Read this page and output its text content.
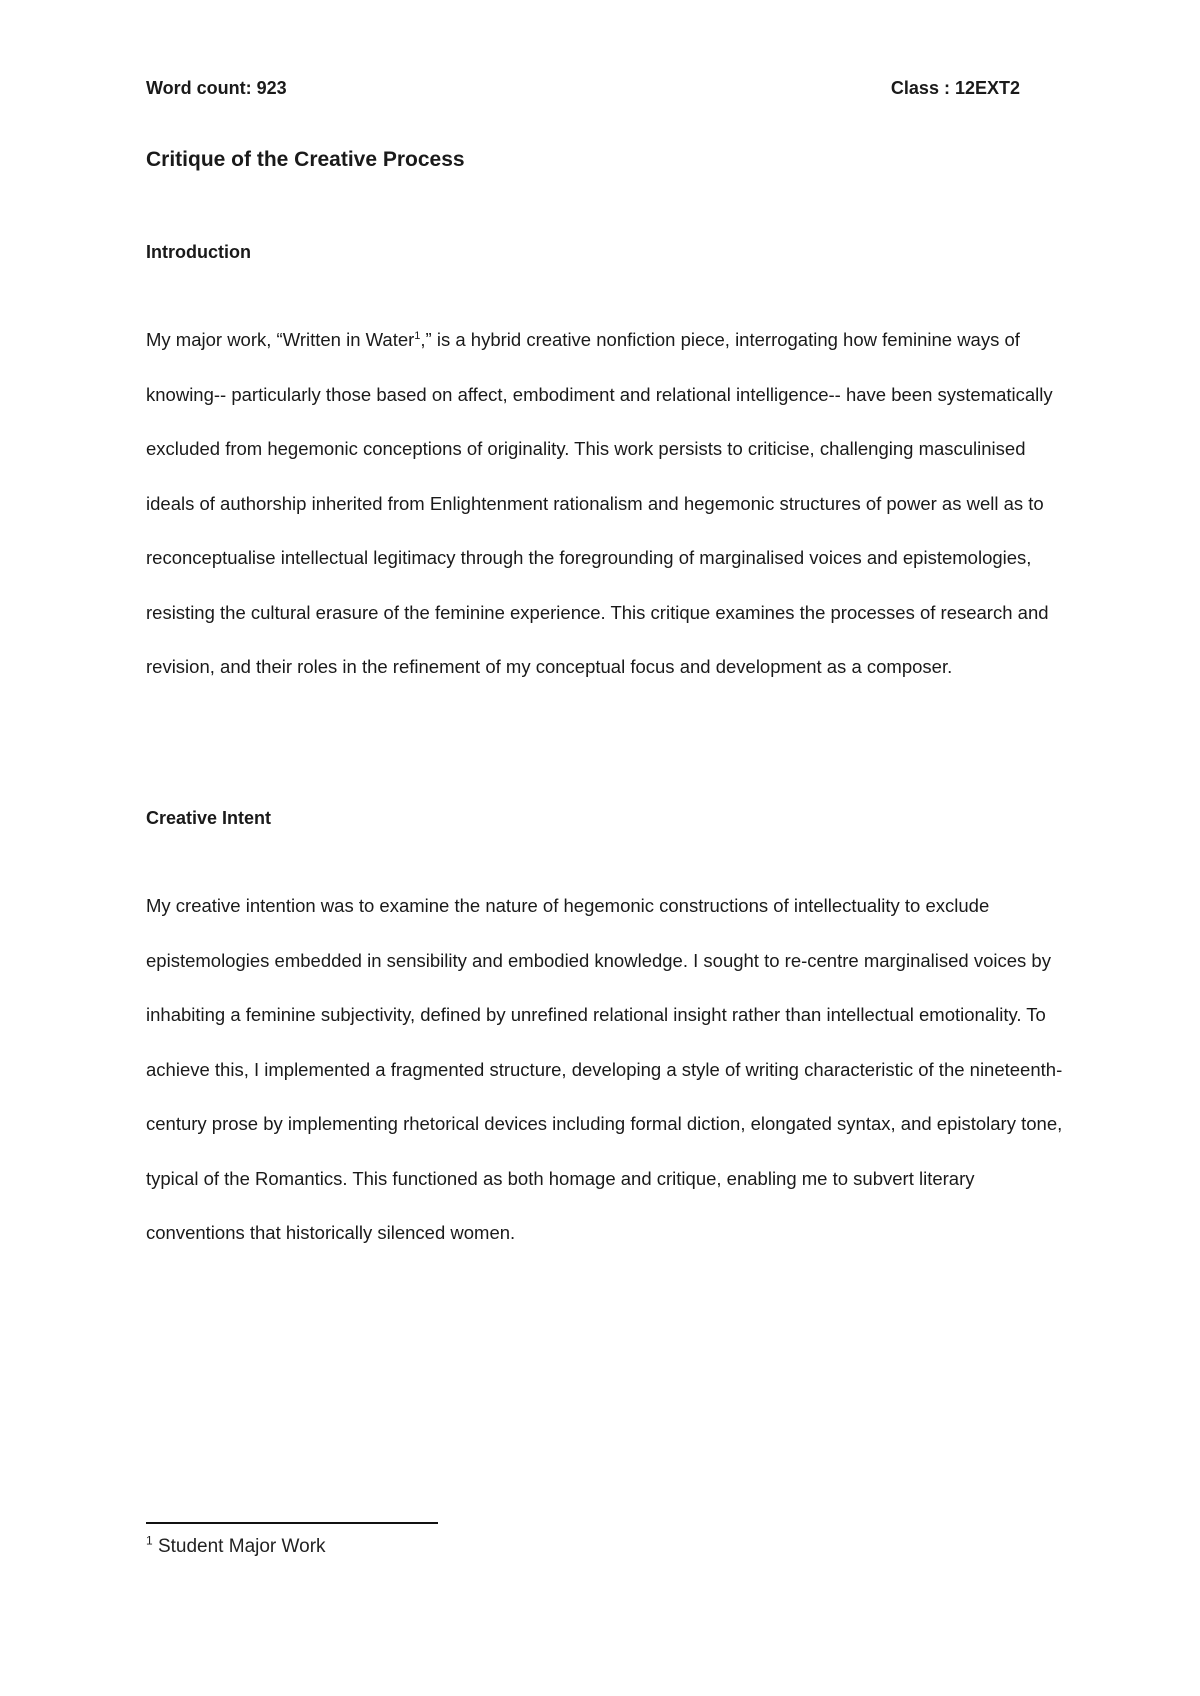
Word count: 923	Class : 12EXT2
Critique of the Creative Process
Introduction

My major work, “Written in Water$^1$,” is a hybrid creative nonfiction piece, interrogating how feminine ways of knowing-- particularly those based on affect, embodiment and relational intelligence-- have been systematically excluded from hegemonic conceptions of originality. This work persists to criticise, challenging masculinised ideals of authorship inherited from Enlightenment rationalism and hegemonic structures of power as well as to reconceptualise intellectual legitimacy through the foregrounding of marginalised voices and epistemologies, resisting the cultural erasure of the feminine experience. This critique examines the processes of research and revision, and their roles in the refinement of my conceptual focus and development as a composer.

Creative Intent

My creative intention was to examine the nature of hegemonic constructions of intellectuality to exclude epistemologies embedded in sensibility and embodied knowledge. I sought to re-centre marginalised voices by inhabiting a feminine subjectivity, defined by unrefined relational insight rather than intellectual emotionality. To achieve this, I implemented a fragmented structure, developing a style of writing characteristic of the nineteenth-century prose by implementing rhetorical devices including formal diction, elongated syntax, and epistolary tone, typical of the Romantics. This functioned as both homage and critique, enabling me to subvert literary conventions that historically silenced women.

$^1$ Student Major Work
